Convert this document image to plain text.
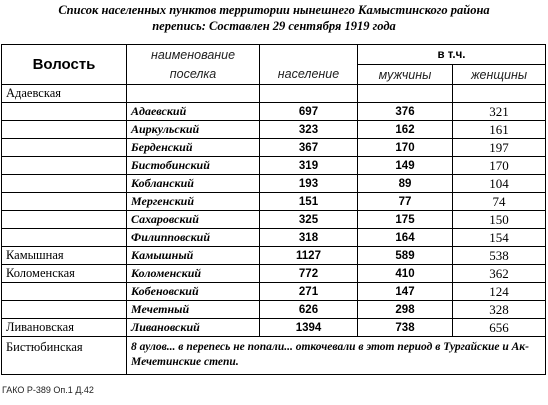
Список населенных пунктов территории нынешнего Камыстинского района
перепись: Составлен 29 сентября 1919 года
Волость	наименование		в т.ч.	
	поселка	население	мужчины	женщины
Адаевская				
	Адаевский	697	376	321
	Аиркульский	323	162	161
	Берденский	367	170	197
	Бистобинский	319	149	170
	Кобланский	193	89	104
	Мергенский	151	77	74
	Сахаровский	325	175	150
	Филипповский	318	164	154
Камышная	Камышный	1127	589	538
Коломенская	Коломенский	772	410	362
	Кобеновский	271	147	124
	Мечетный	626	298	328
Ливановская	Ливановский	1394	738	656
Бистюбинская	8 аулов... в перепесь не попали... откочевали в этот период в Тургайские и Ак-Мечетинские степи.			
ГАКО Р-389 Оп.1 Д.42
